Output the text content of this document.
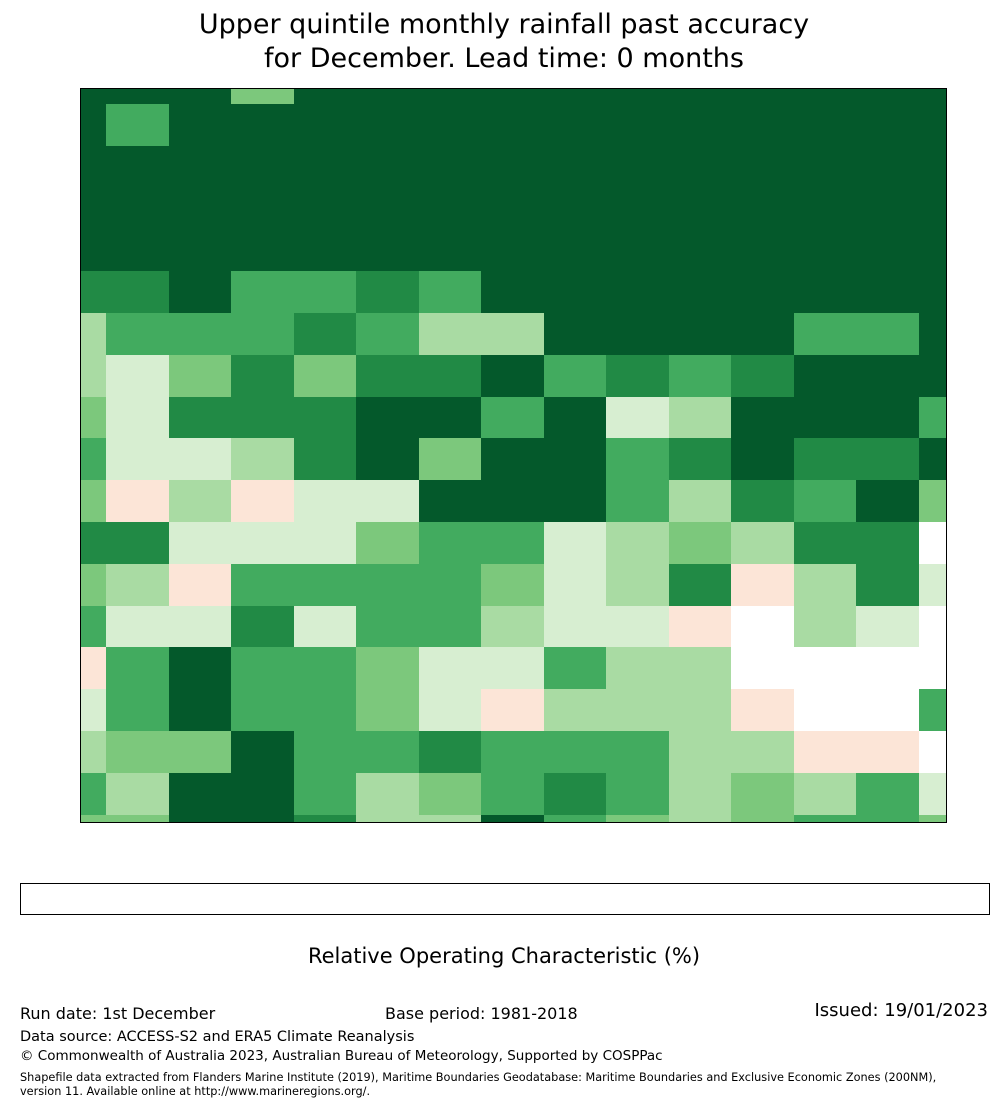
Upper quintile monthly rainfall past accuracy
for December. Lead time: 0 months
Relative Operating Characteristic (%)
Run date: 1st December	Base period: 1981-2018	Issued: 19/01/2023
Data source: ACCESS-S2 and ERA5 Climate Reanalysis
© Commonwealth of Australia 2023, Australian Bureau of Meteorology, Supported by COSPPac
Shapefile data extracted from Flanders Marine Institute (2019), Maritime Boundaries Geodatabase: Maritime Boundaries and Exclusive Economic Zones (200NM),
version 11. Available online at http://www.marineregions.org/.
